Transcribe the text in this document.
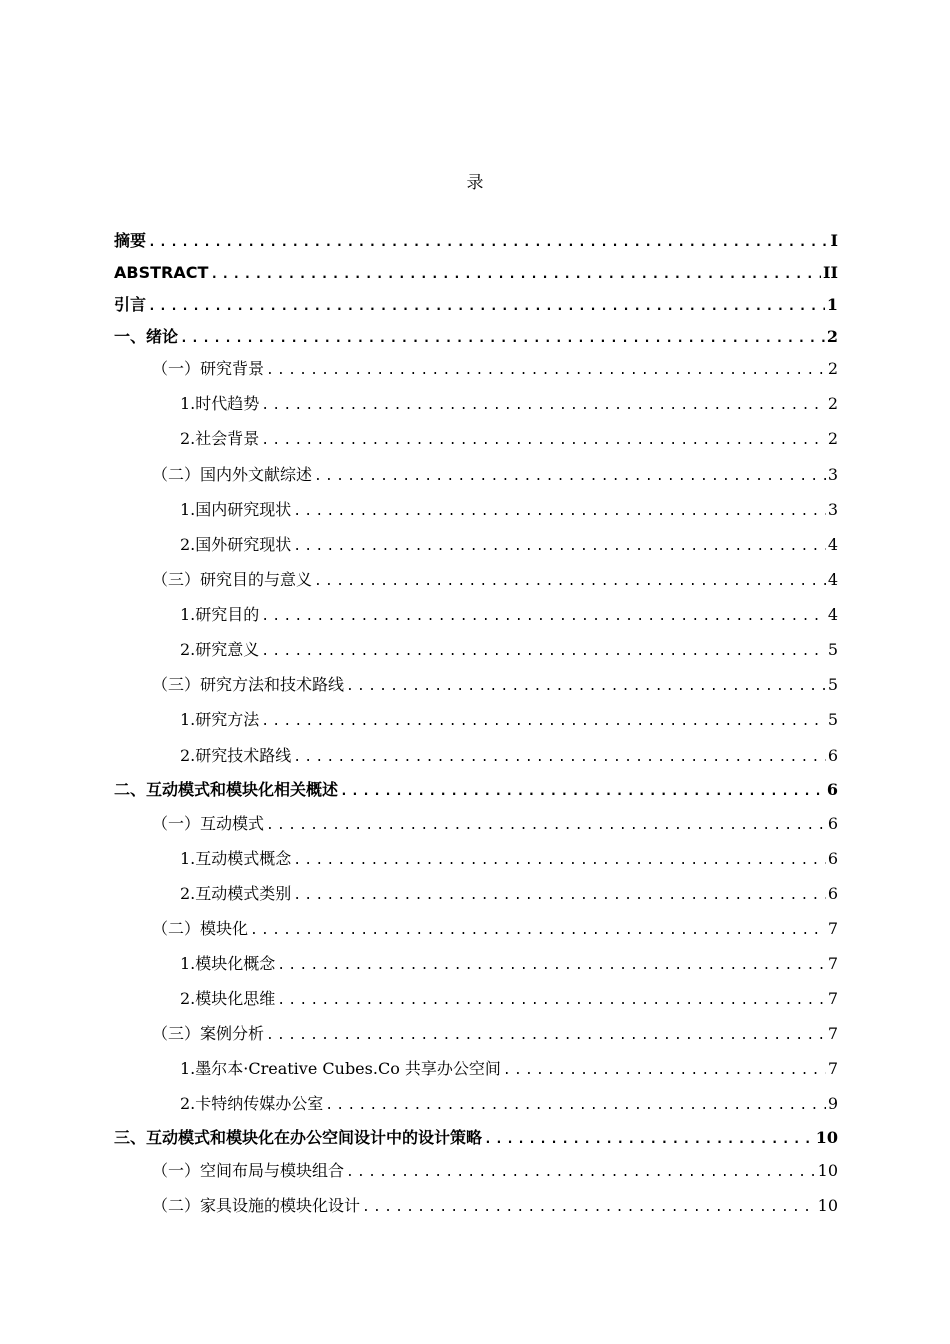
录
摘要 .....	I
ABSTRACT .....	II
引言 .....	1
一、绪论 .....	2
（一）研究背景 .....	2
1.时代趋势 .....	2
2.社会背景 .....	2
（二）国内外文献综述 .....	3
1.国内研究现状 .....	3
2.国外研究现状 .....	4
（三）研究目的与意义 .....	4
1.研究目的 .....	4
2.研究意义 .....	5
（三）研究方法和技术路线 .....	5
1.研究方法 .....	5
2.研究技术路线 .....	6
二、互动模式和模块化相关概述 .....	6
（一）互动模式 .....	6
1.互动模式概念 .....	6
2.互动模式类别 .....	6
（二）模块化 .....	7
1.模块化概念 .....	7
2.模块化思维 .....	7
（三）案例分析 .....	7
1.墨尔本·Creative Cubes.Co 共享办公空间 .....	7
2.卡特纳传媒办公室 .....	9
三、互动模式和模块化在办公空间设计中的设计策略 .....	10
（一）空间布局与模块组合 .....	10
（二）家具设施的模块化设计 .....	10
